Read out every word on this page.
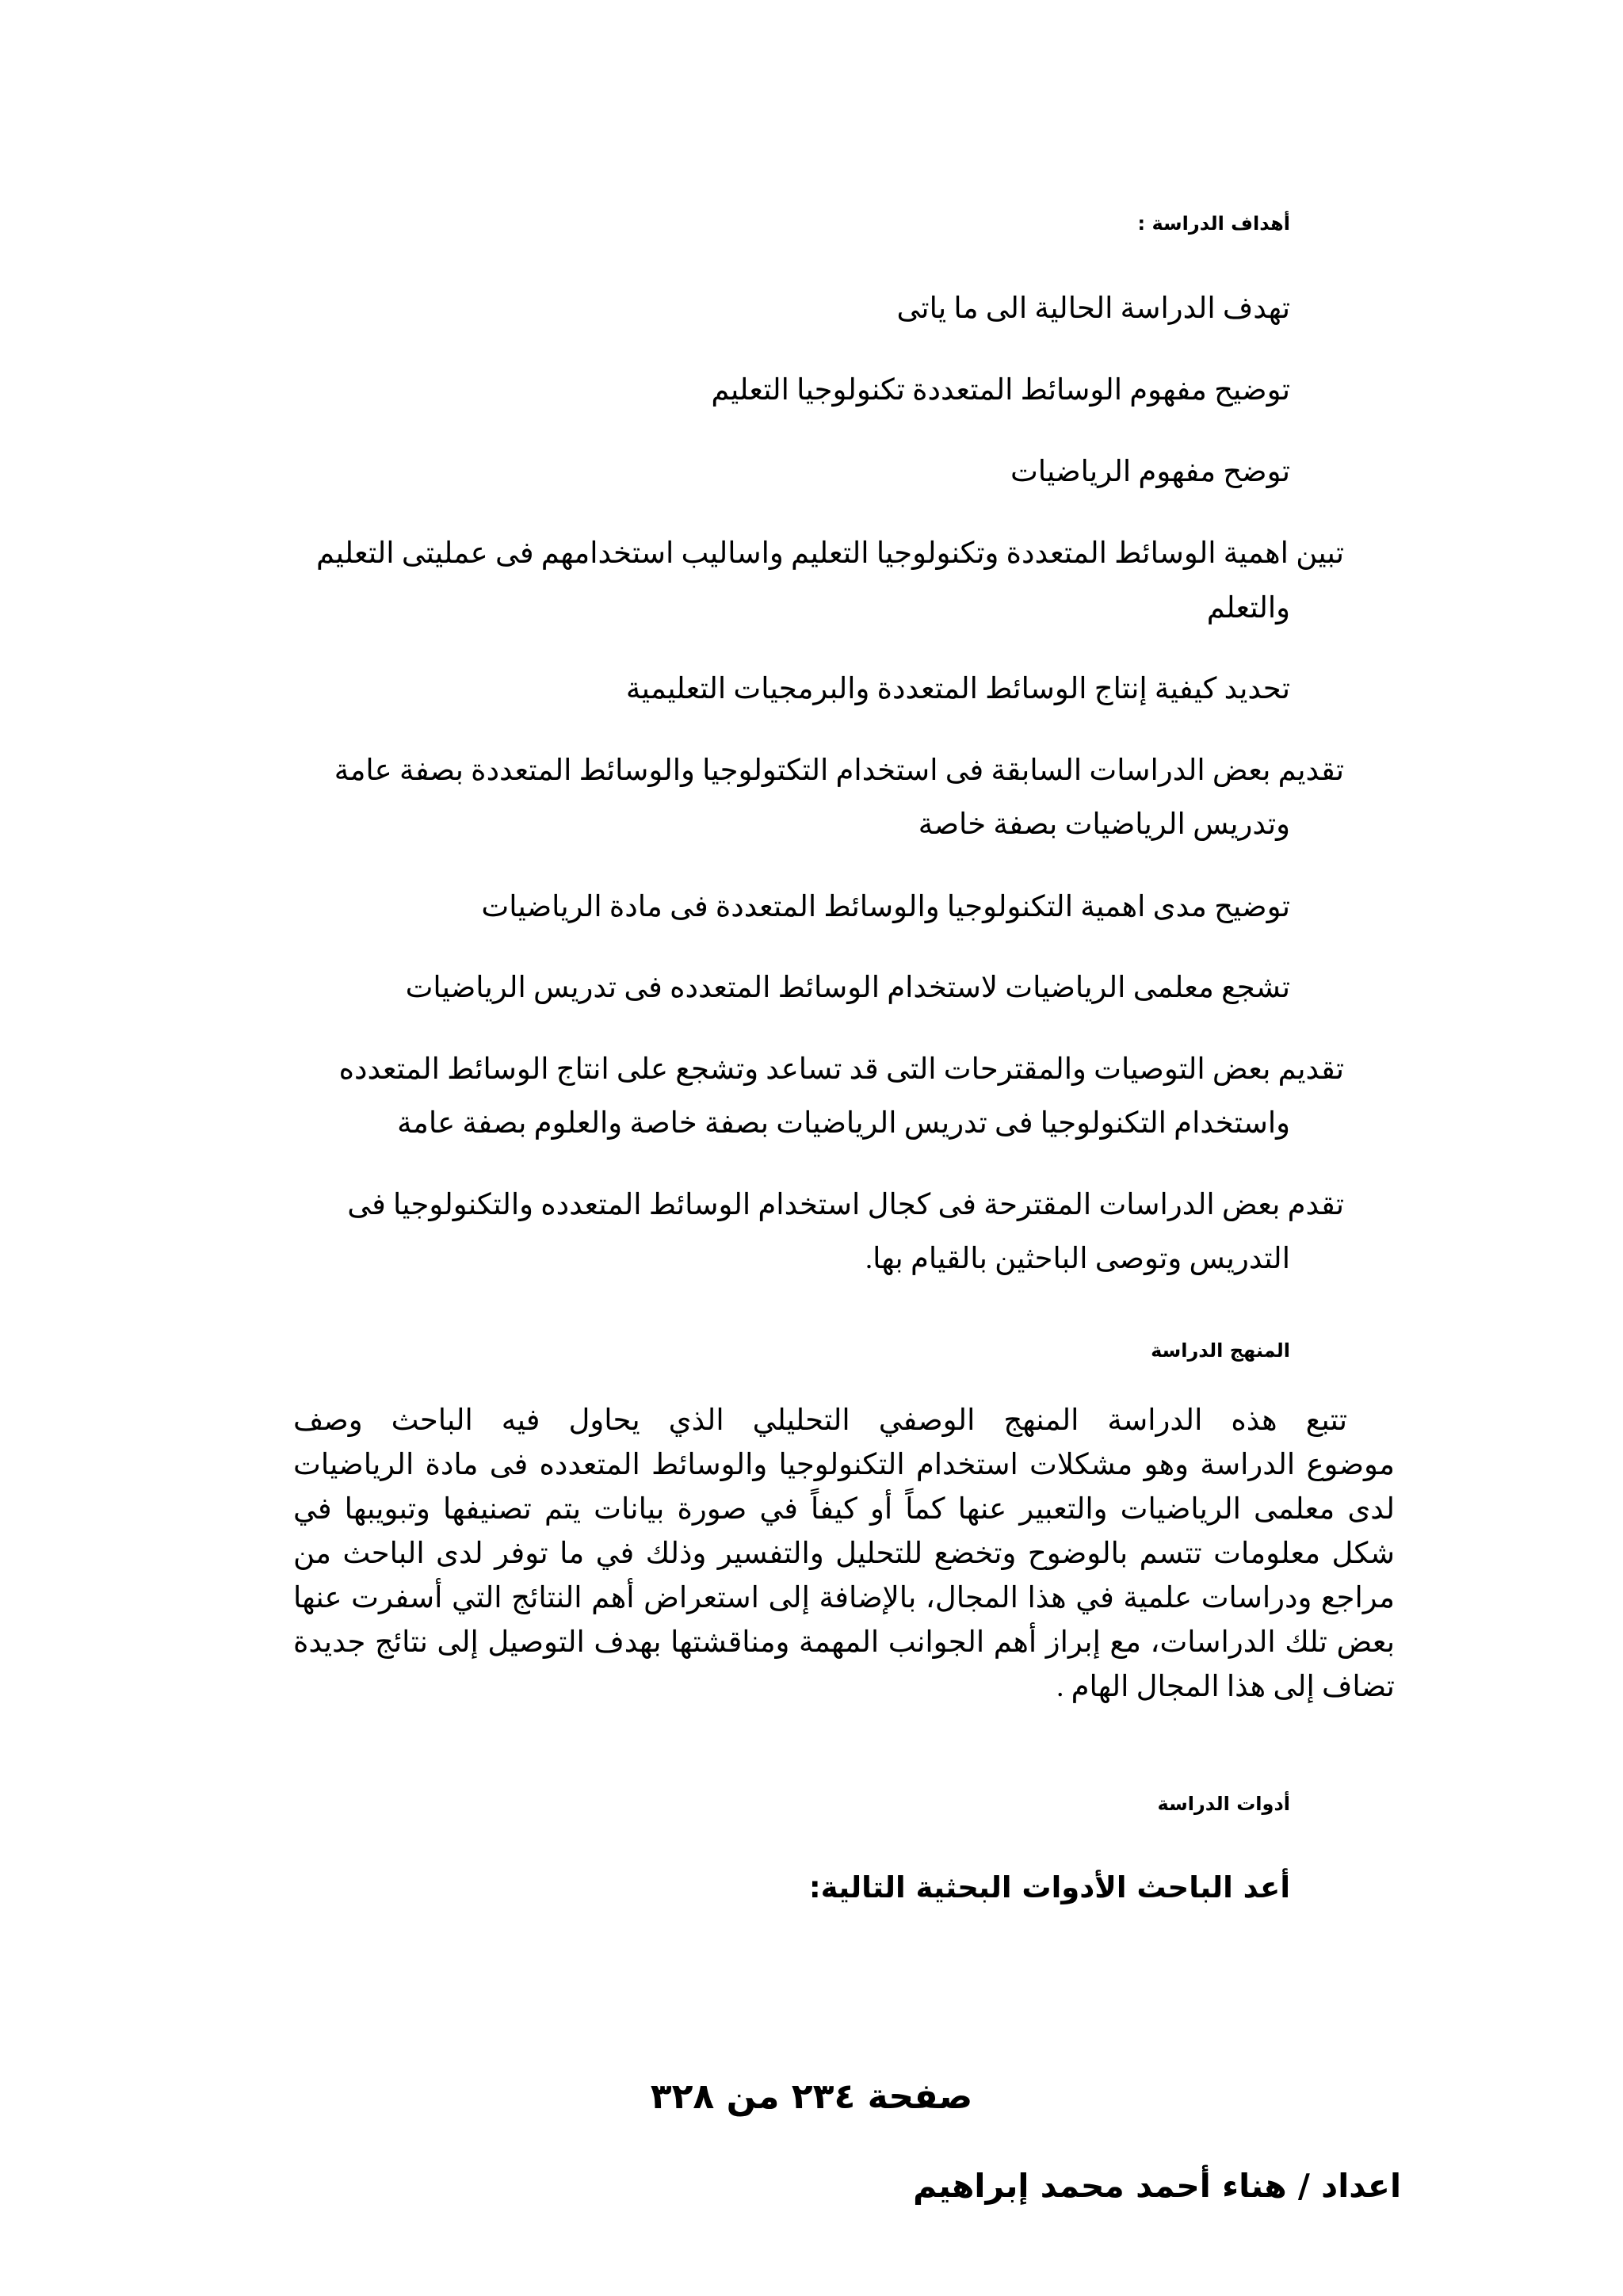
أهداف الدراسة :
تهدف الدراسة الحالية الى ما ياتى
توضيح مفهوم الوسائط المتعددة تكنولوجيا التعليم
توضح مفهوم الرياضيات
تبين اهمية الوسائط المتعددة وتكنولوجيا التعليم واساليب استخدامهم فى عمليتى التعليم
والتعلم
تحديد كيفية إنتاج الوسائط المتعددة والبرمجيات التعليمية
تقديم بعض الدراسات السابقة فى استخدام التكتولوجيا والوسائط المتعددة بصفة عامة
وتدريس الرياضيات بصفة خاصة
توضيح مدى اهمية التكنولوجيا والوسائط المتعددة فى مادة الرياضيات
تشجع معلمى الرياضيات لاستخدام الوسائط المتعدده فى تدريس الرياضيات
تقديم بعض التوصيات والمقترحات التى قد تساعد وتشجع على انتاج الوسائط المتعدده
واستخدام التكنولوجيا فى تدريس الرياضيات بصفة خاصة والعلوم بصفة عامة
تقدم بعض الدراسات المقترحة فى كجال استخدام الوسائط المتعدده والتكنولوجيا فى
التدريس وتوصى الباحثين بالقيام بها.
المنهج الدراسة
تتبع هذه الدراسة المنهج الوصفي التحليلي الذي يحاول فيه الباحث وصف
موضوع الدراسة وهو مشكلات استخدام التكنولوجيا والوسائط المتعدده فى مادة الرياضيات
لدى معلمى الرياضيات والتعبير عنها كماً أو كيفاً في صورة بيانات يتم تصنيفها وتبويبها في
شكل معلومات تتسم بالوضوح وتخضع للتحليل والتفسير وذلك في ما توفر لدى الباحث من
مراجع ودراسات علمية في هذا المجال، بالإضافة إلى استعراض أهم النتائج التي أسفرت عنها
بعض تلك الدراسات، مع إبراز أهم الجوانب المهمة ومناقشتها بهدف التوصيل إلى نتائج جديدة
تضاف إلى هذا المجال الهام .
أدوات الدراسة
أعد الباحث الأدوات البحثية التالية:
صفحة ٢٣٤ من ٣٢٨
اعداد / هناء أحمد محمد إبراهيم
